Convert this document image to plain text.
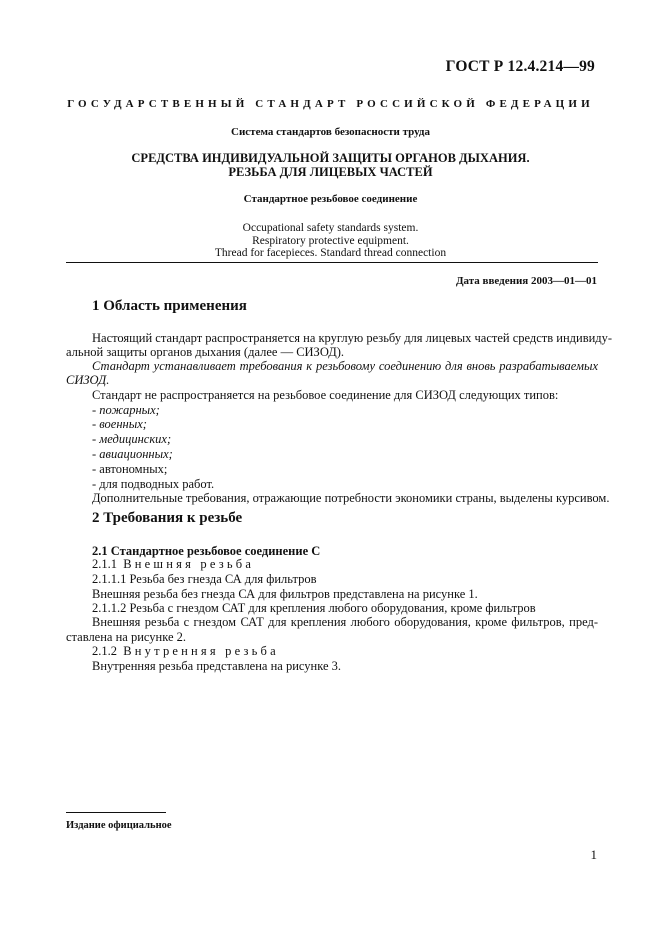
ГОСТ Р 12.4.214—99

ГОСУДАРСТВЕННЫЙ СТАНДАРТ РОССИЙСКОЙ ФЕДЕРАЦИИ

Система стандартов безопасности труда

СРЕДСТВА ИНДИВИДУАЛЬНОЙ ЗАЩИТЫ ОРГАНОВ ДЫХАНИЯ.
РЕЗЬБА ДЛЯ ЛИЦЕВЫХ ЧАСТЕЙ

Стандартное резьбовое соединение

Occupational safety standards system.
Respiratory protective equipment.
Thread for facepieces. Standard thread connection

Дата введения 2003—01—01

1 Область применения

Настоящий стандарт распространяется на круглую резьбу для лицевых частей средств индивиду-

альной защиты органов дыхания (далее — СИЗОД).

Стандарт устанавливает требования к резьбовому соединению для вновь разрабатываемых

СИЗОД.

Стандарт не распространяется на резьбовое соединение для СИЗОД следующих типов:

- пожарных;

- военных;

- медицинских;

- авиационных;

- автономных;

- для подводных работ.

Дополнительные требования, отражающие потребности экономики страны, выделены курсивом.

2 Требования к резьбе

2.1 Стандартное резьбовое соединение С

2.1.1 Внешняя резьба

2.1.1.1 Резьба без гнезда СА для фильтров

Внешняя резьба без гнезда СА для фильтров представлена на рисунке 1.

2.1.1.2 Резьба с гнездом САТ для крепления любого оборудования, кроме фильтров

Внешняя резьба с гнездом САТ для крепления любого оборудования, кроме фильтров, пред-

ставлена на рисунке 2.

2.1.2 Внутренняя резьба

Внутренняя резьба представлена на рисунке 3.

Издание официальное

1
